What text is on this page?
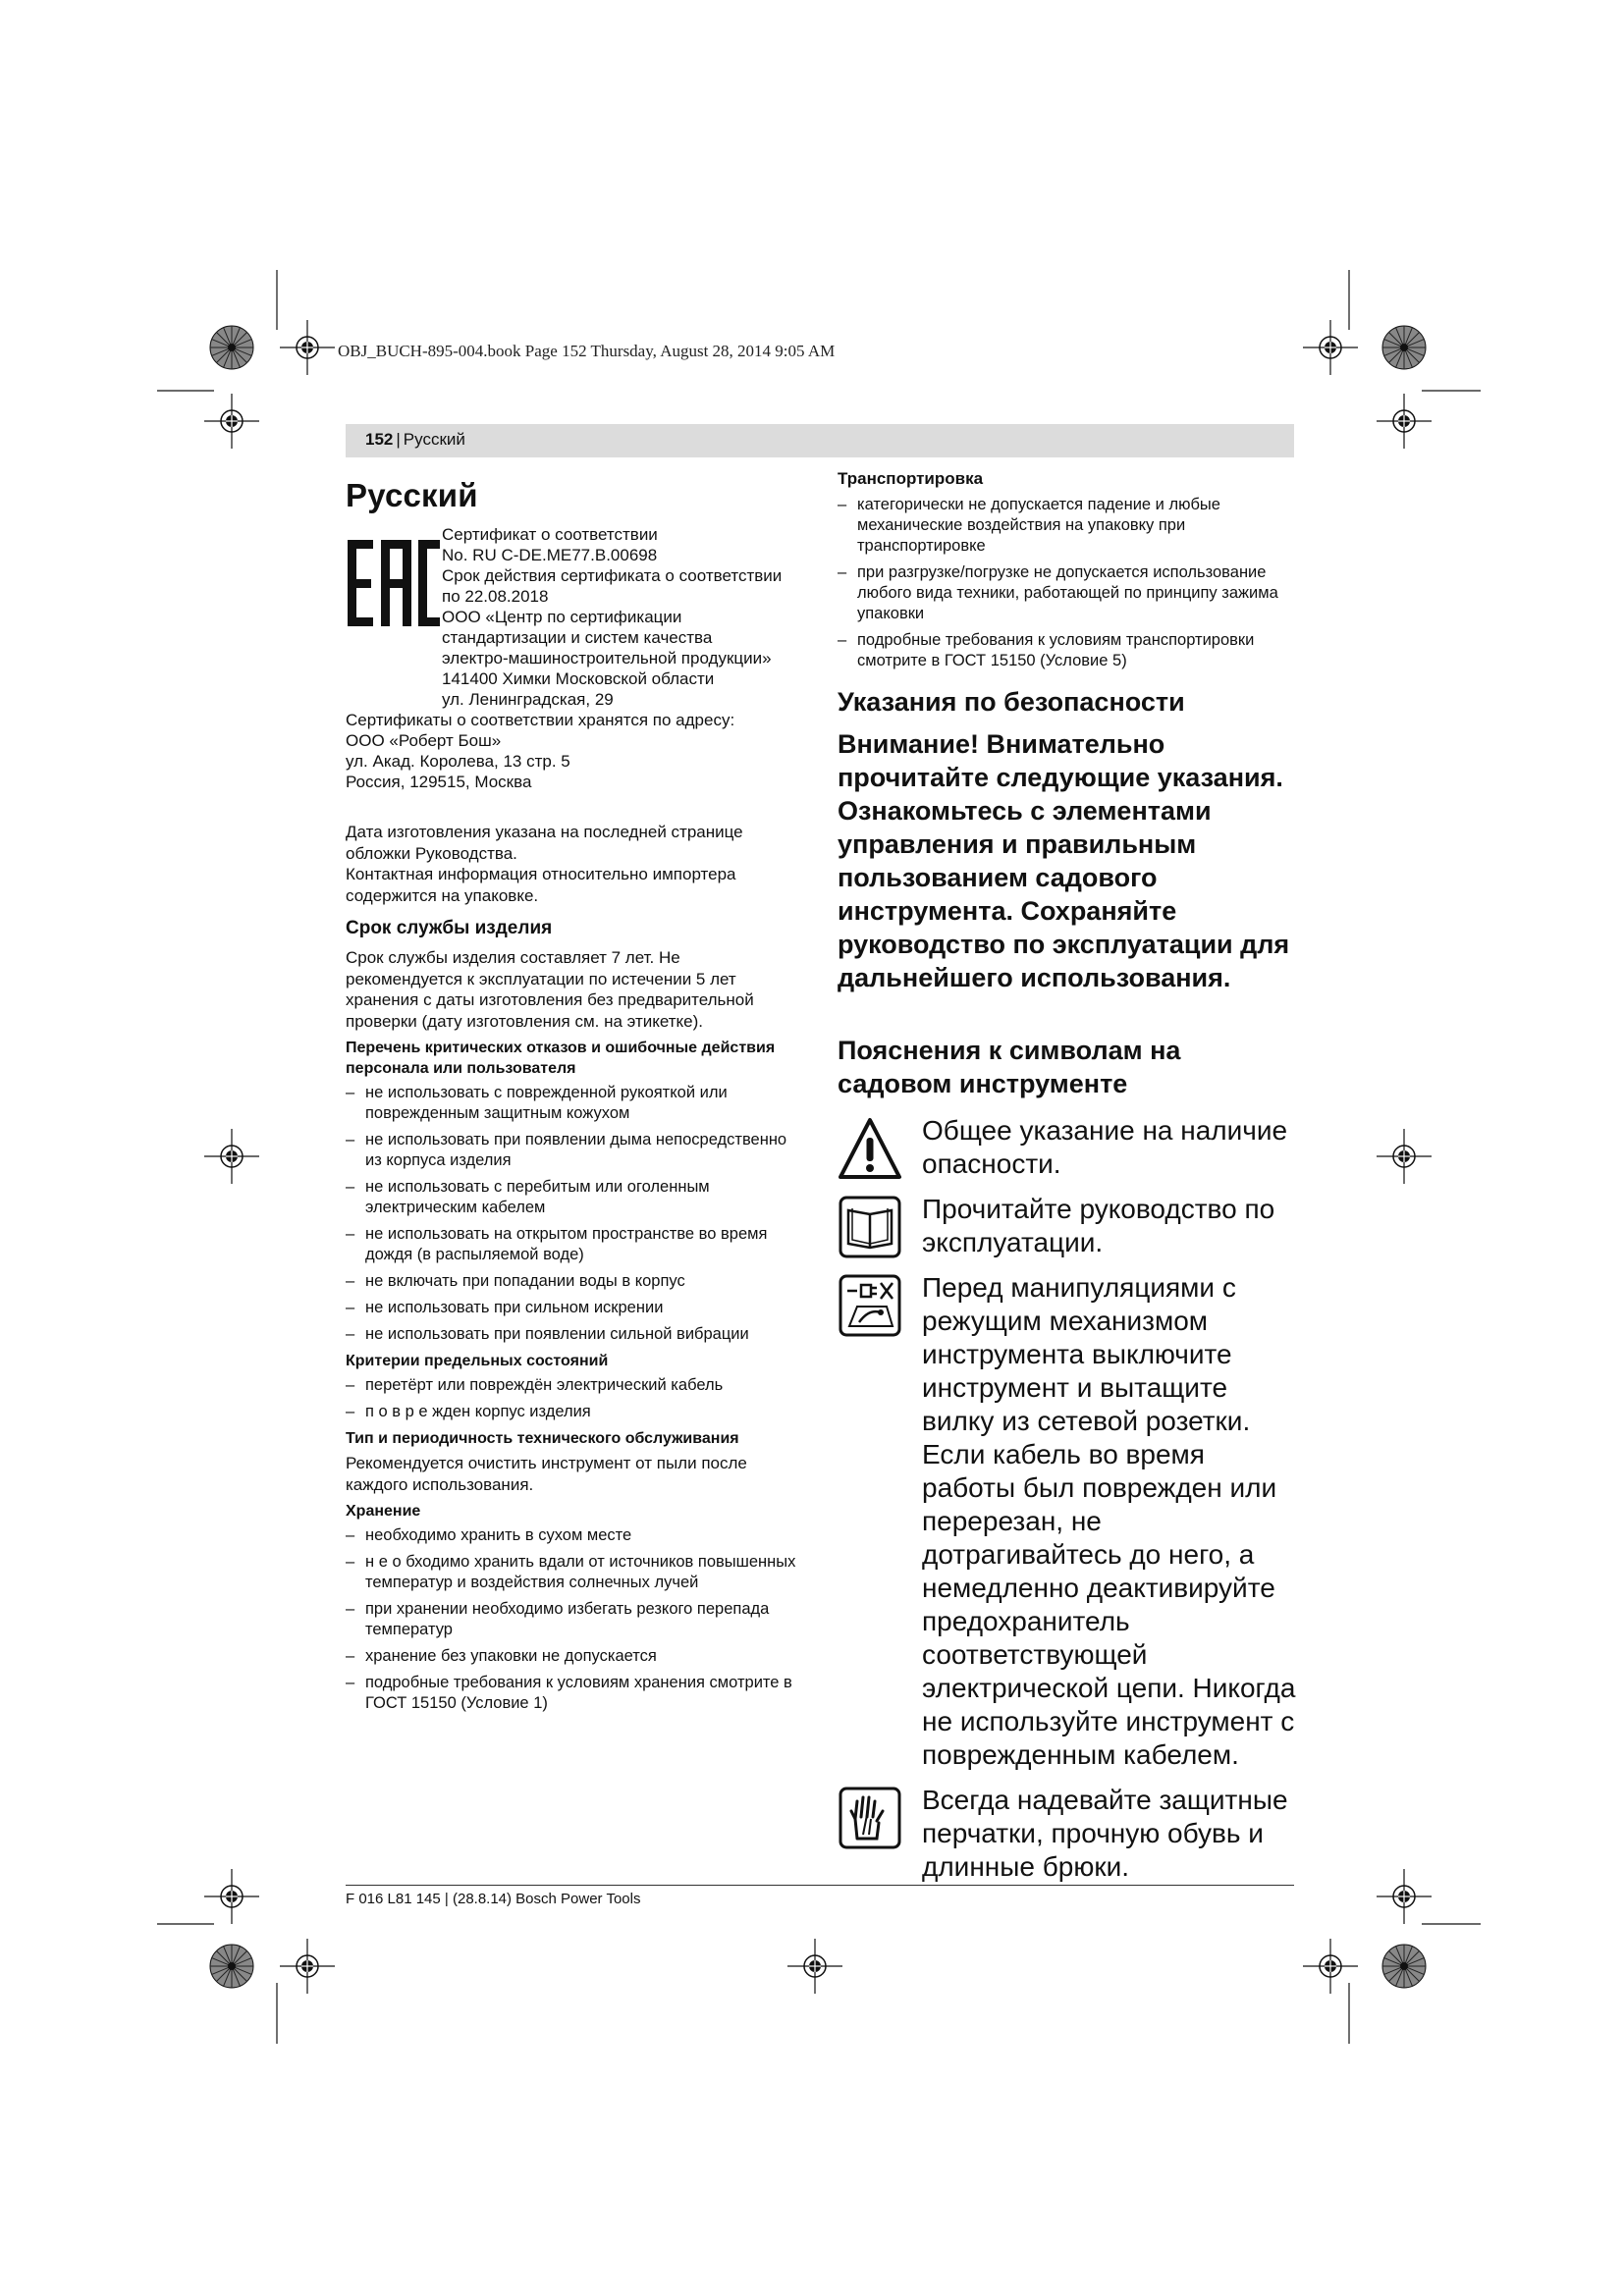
OBJ_BUCH-895-004.book Page 152 Thursday, August 28, 2014 9:05 AM
152 | Русский
Русский
Сертификат о соответствии
No. RU C-DE.ME77.B.00698
Срок действия сертификата о соответствии
по 22.08.2018
ООО «Центр по сертификации
стандартизации и систем качества
электро-машиностроительной продукции»
141400 Химки Московской области
ул. Ленинградская, 29
Сертификаты о соответствии хранятся по адресу:
ООО «Роберт Бош»
ул. Акад. Королева, 13 стр. 5
Россия, 129515, Москва

Дата изготовления указана на последней странице обложки Руководства.

Контактная информация относительно импортера содержится на упаковке.

Срок службы изделия

Срок службы изделия составляет 7 лет. Не рекомендуется к эксплуатации по истечении 5 лет хранения с даты изготовления без предварительной проверки (дату изготовления см. на этикетке).

Перечень критических отказов и ошибочные действия персонала или пользователя
– не использовать с поврежденной рукояткой или поврежденным защитным кожухом
– не использовать при появлении дыма непосредственно из корпуса изделия
– не использовать с перебитым или оголенным электрическим кабелем
– не использовать на открытом пространстве во время дождя (в распыляемой воде)
– не включать при попадании воды в корпус
– не использовать при сильном искрении
– не использовать при появлении сильной вибрации
Критерии предельных состояний
– перетёрт или повреждён электрический кабель
– п о в р е жден корпус изделия
Тип и периодичность технического обслуживания

Рекомендуется очистить инструмент от пыли после каждого использования.

Хранение
– необходимо хранить в сухом месте
– н е о бходимо хранить вдали от источников повышенных температур и воздействия солнечных лучей
– при хранении необходимо избегать резкого перепада температур
– хранение без упаковки не допускается
– подробные требования к условиям хранения смотрите в ГОСТ 15150 (Условие 1)
Транспортировка
– категорически не допускается падение и любые механические воздействия на упаковку при транспортировке
– при разгрузке/погрузке не допускается использование любого вида техники, работающей по принципу зажима упаковки
– подробные требования к условиям транспортировки смотрите в ГОСТ 15150 (Условие 5)
Указания по безопасности
Внимание! Внимательно прочитайте следующие указания. Ознакомьтесь с элементами управления и правильным пользованием садового инструмента. Сохраняйте руководство по эксплуатации для дальнейшего использования.
Пояснения к символам на садовом инструменте
Общее указание на наличие опасности.
Прочитайте руководство по эксплуатации.
Перед манипуляциями с режущим механизмом инструмента выключите инструмент и вытащите вилку из сетевой розетки. Если кабель во время работы был поврежден или перерезан, не дотрагивайтесь до него, а немедленно деактивируйте предохранитель соответствующей электрической цепи. Никогда не используйте инструмент с поврежденным кабелем.
Всегда надевайте защитные перчатки, прочную обувь и длинные брюки.
F 016 L81 145 | (28.8.14) Bosch Power Tools
